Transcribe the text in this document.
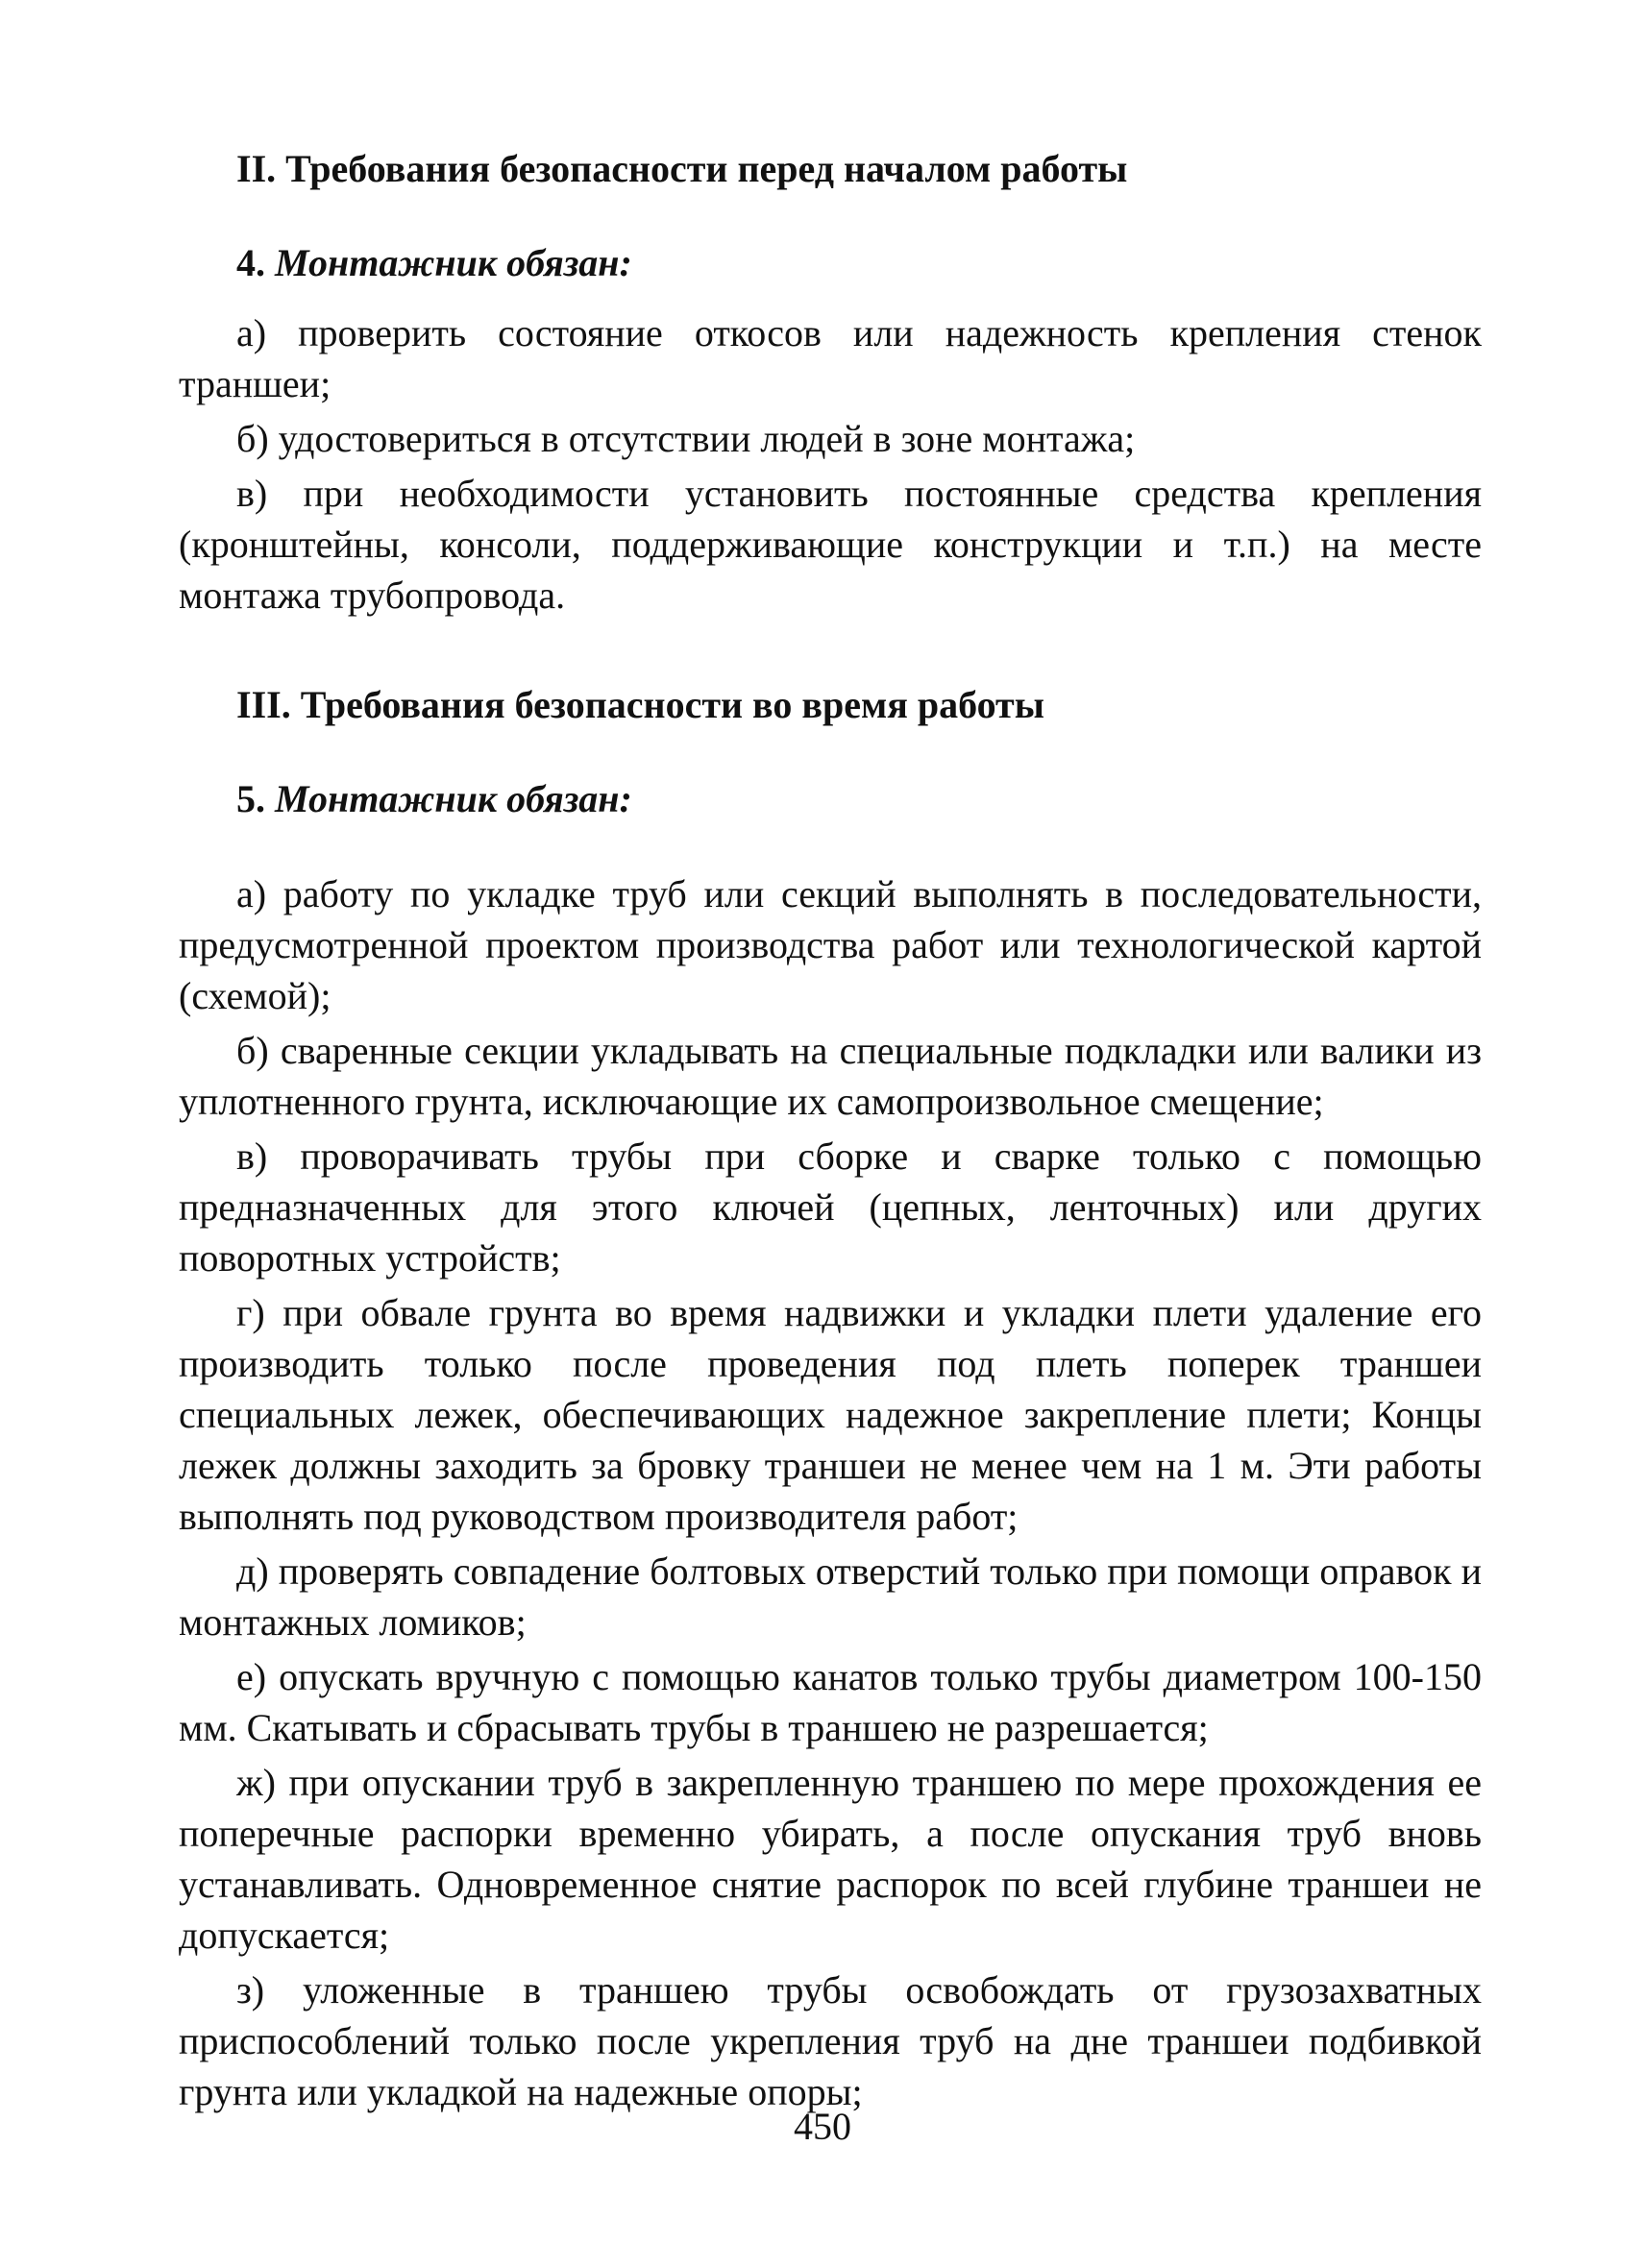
II. Требования безопасности перед началом работы
4. Монтажник обязан:

а) проверить состояние откосов или надежность крепления стенок траншеи;

б) удостовериться в отсутствии людей в зоне монтажа;

в) при необходимости установить постоянные средства крепления (кронштейны, консоли, поддерживающие конструкции и т.п.) на месте монтажа трубопровода.

III. Требования безопасности во время работы
5. Монтажник обязан:

а) работу по укладке труб или секций выполнять в последовательности, предусмотренной проектом производства работ или технологической картой (схемой);

б) сваренные секции укладывать на специальные подкладки или валики из уплотненного грунта, исключающие их самопроизвольное смещение;

в) проворачивать трубы при сборке и сварке только с помощью предназначенных для этого ключей (цепных, ленточных) или других поворотных устройств;

г) при обвале грунта во время надвижки и укладки плети удаление его производить только после проведения под плеть поперек траншеи специальных лежек, обеспечивающих надежное закрепление плети; Концы лежек должны заходить за бровку траншеи не менее чем на 1 м. Эти работы выполнять под руководством производителя работ;

д) проверять совпадение болтовых отверстий только при помощи оправок и монтажных ломиков;

е) опускать вручную с помощью канатов только трубы диаметром 100-150 мм. Скатывать и сбрасывать трубы в траншею не разрешается;

ж) при опускании труб в закрепленную траншею по мере прохождения ее поперечные распорки временно убирать, а после опускания труб вновь устанавливать. Одновременное снятие распорок по всей глубине траншеи не допускается;

з) уложенные в траншею трубы освобождать от грузозахватных приспособлений только после укрепления труб на дне траншеи подбивкой грунта или укладкой на надежные опоры;

450
